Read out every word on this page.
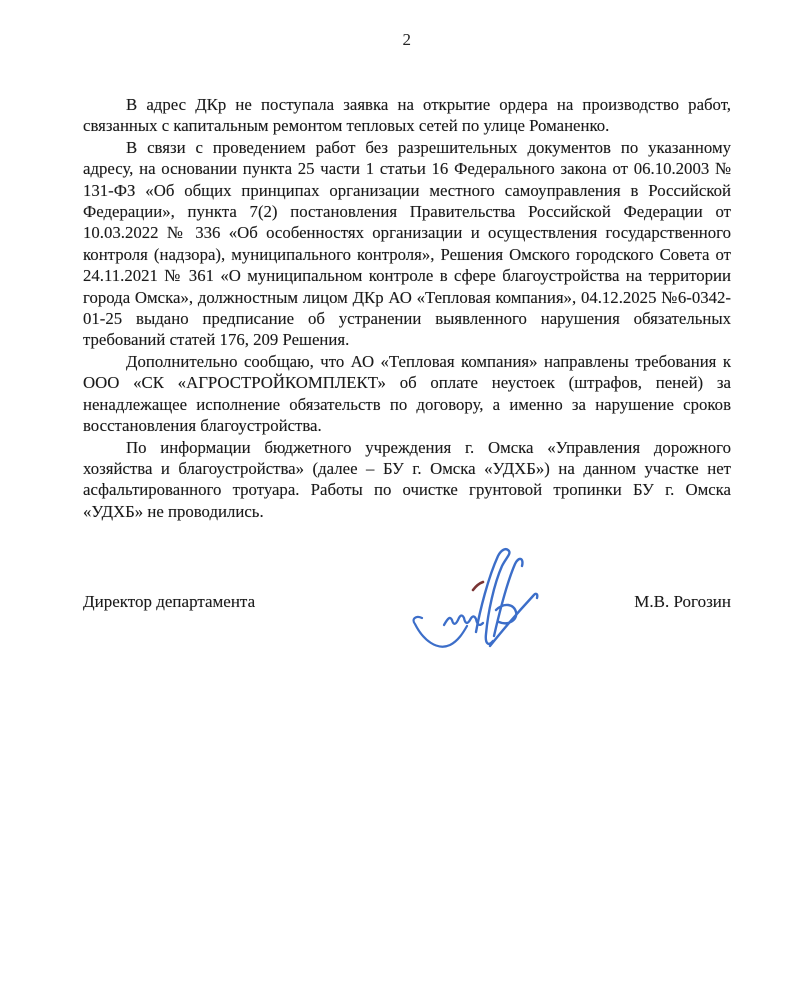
2

В адрес ДКр не поступала заявка на открытие ордера на производство работ, связанных с капитальным ремонтом тепловых сетей по улице Романенко.

В связи с проведением работ без разрешительных документов по указанному адресу, на основании пункта 25 части 1 статьи 16 Федерального закона от 06.10.2003 № 131-ФЗ «Об общих принципах организации местного самоуправления в Российской Федерации», пункта 7(2) постановления Правительства Российской Федерации от 10.03.2022 № 336 «Об особенностях организации и осуществления государственного контроля (надзора), муниципального контроля», Решения Омского городского Совета от 24.11.2021 № 361 «О муниципальном контроле в сфере благоустройства на территории города Омска», должностным лицом ДКр АО «Тепловая компания», 04.12.2025 №6-0342-01-25 выдано предписание об устранении выявленного нарушения обязательных требований статей 176, 209 Решения.

Дополнительно сообщаю, что АО «Тепловая компания» направлены требования к ООО «СК «АГРОСТРОЙКОМПЛЕКТ» об оплате неустоек (штрафов, пеней) за ненадлежащее исполнение обязательств по договору, а именно за нарушение сроков восстановления благоустройства.

По информации бюджетного учреждения г. Омска «Управления дорожного хозяйства и благоустройства» (далее – БУ г. Омска «УДХБ») на данном участке нет асфальтированного тротуара. Работы по очистке грунтовой тропинки БУ г. Омска «УДХБ» не проводились.

Директор департамента	М.В. Рогозин
